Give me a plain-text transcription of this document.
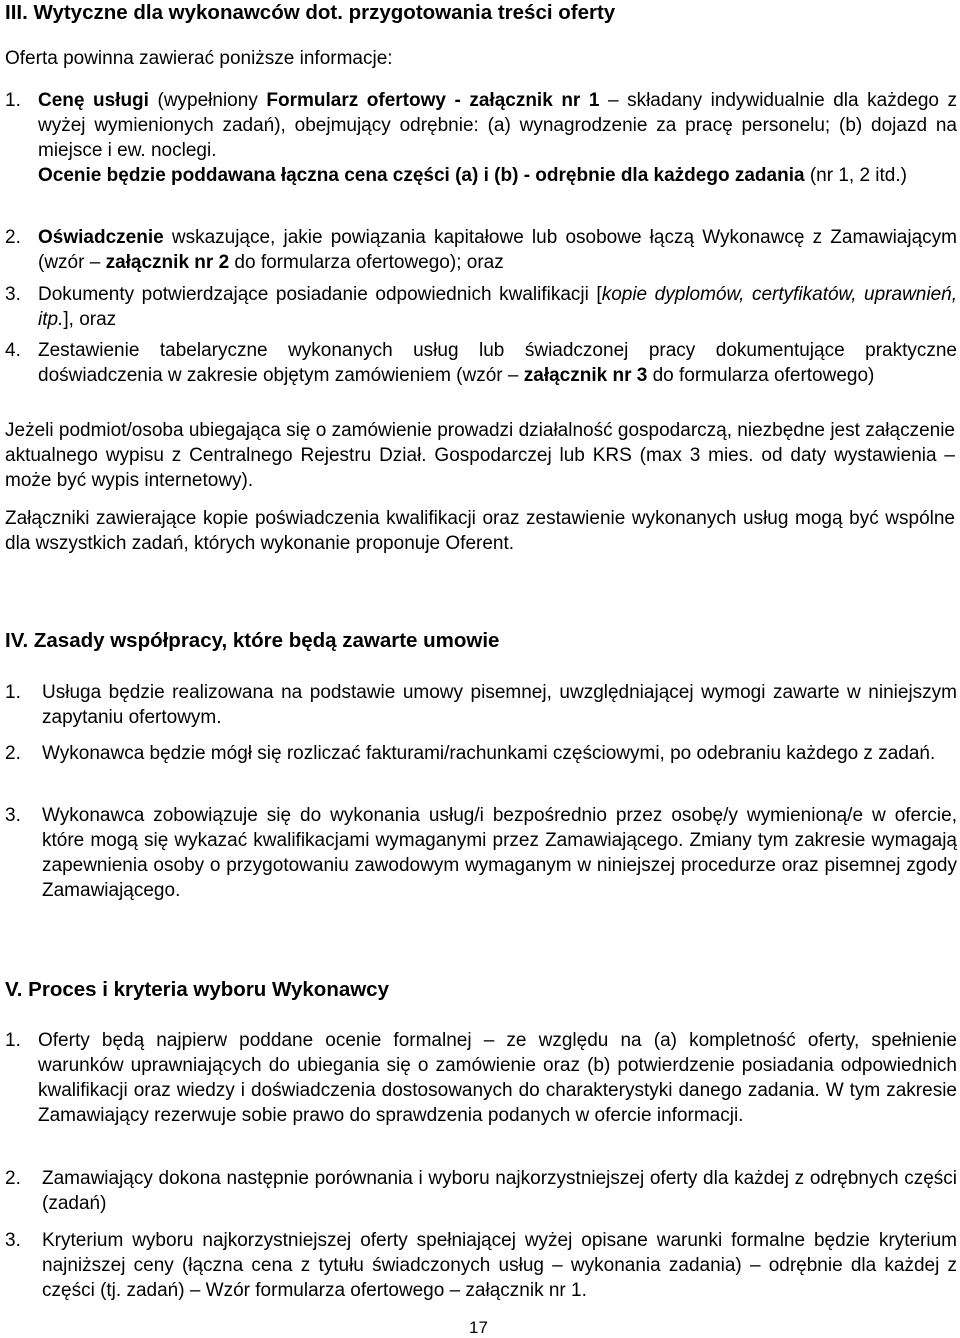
III. Wytyczne dla wykonawców dot. przygotowania treści oferty

Oferta powinna zawierać poniższe informacje:

1. Cenę usługi (wypełniony Formularz ofertowy - załącznik nr 1 – składany indywidualnie dla każdego z wyżej wymienionych zadań), obejmujący odrębnie: (a) wynagrodzenie za pracę personelu; (b) dojazd na miejsce i ew. noclegi.
Ocenie będzie poddawana łączna cena części (a) i (b) - odrębnie dla każdego zadania (nr 1, 2 itd.)
2. Oświadczenie wskazujące, jakie powiązania kapitałowe lub osobowe łączą Wykonawcę z Zamawiającym (wzór – załącznik nr 2 do formularza ofertowego); oraz
3. Dokumenty potwierdzające posiadanie odpowiednich kwalifikacji [kopie dyplomów, certyfikatów, uprawnień, itp.], oraz
4. Zestawienie tabelaryczne wykonanych usług lub świadczonej pracy dokumentujące praktyczne doświadczenia w zakresie objętym zamówieniem (wzór – załącznik nr 3 do formularza ofertowego)

Jeżeli podmiot/osoba ubiegająca się o zamówienie prowadzi działalność gospodarczą, niezbędne jest załączenie aktualnego wypisu z Centralnego Rejestru Dział. Gospodarczej lub KRS (max 3 mies. od daty wystawienia – może być wypis internetowy).

Załączniki zawierające kopie poświadczenia kwalifikacji oraz zestawienie wykonanych usług mogą być wspólne dla wszystkich zadań, których wykonanie proponuje Oferent.

IV. Zasady współpracy, które będą zawarte umowie
1. Usługa będzie realizowana na podstawie umowy pisemnej, uwzględniającej wymogi zawarte w niniejszym zapytaniu ofertowym.
2. Wykonawca będzie mógł się rozliczać fakturami/rachunkami częściowymi, po odebraniu każdego z zadań.
3. Wykonawca zobowiązuje się do wykonania usług/i bezpośrednio przez osobę/y wymienioną/e w ofercie, które mogą się wykazać kwalifikacjami wymaganymi przez Zamawiającego. Zmiany tym zakresie wymagają zapewnienia osoby o przygotowaniu zawodowym wymaganym w niniejszej procedurze oraz pisemnej zgody Zamawiającego.
V. Proces i kryteria wyboru Wykonawcy
1. Oferty będą najpierw poddane ocenie formalnej – ze względu na (a) kompletność oferty, spełnienie warunków uprawniających do ubiegania się o zamówienie oraz (b) potwierdzenie posiadania odpowiednich kwalifikacji oraz wiedzy i doświadczenia dostosowanych do charakterystyki danego zadania. W tym zakresie Zamawiający rezerwuje sobie prawo do sprawdzenia podanych w ofercie informacji.
2. Zamawiający dokona następnie porównania i wyboru najkorzystniejszej oferty dla każdej z odrębnych części (zadań)
3. Kryterium wyboru najkorzystniejszej oferty spełniającej wyżej opisane warunki formalne będzie kryterium najniższej ceny (łączna cena z tytułu świadczonych usług – wykonania zadania) – odrębnie dla każdej z części (tj. zadań) – Wzór formularza ofertowego – załącznik nr 1.
17
